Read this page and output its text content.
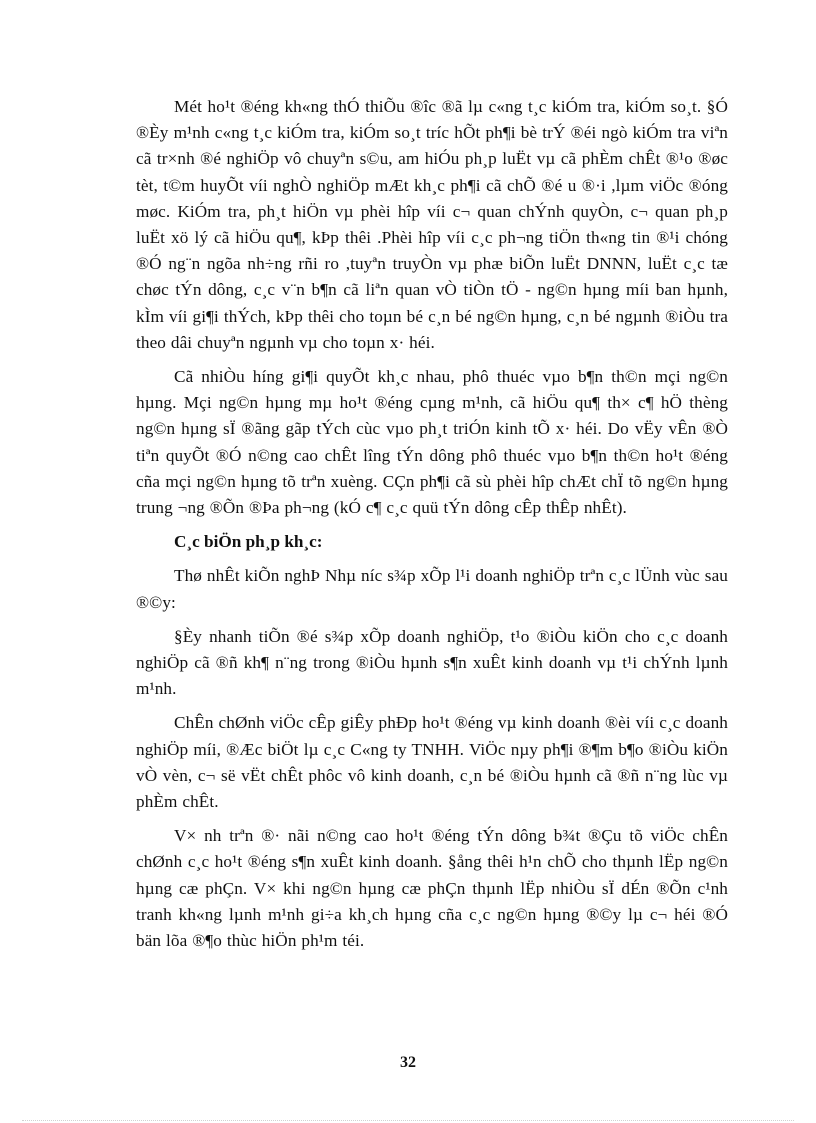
Mét ho¹t ®éng kh«ng thÓ thiÕu ®îc ®ã lµ c«ng t¸c kiÓm tra, kiÓm so¸t. §Ó ®Èy m¹nh c«ng t¸c kiÓm tra, kiÓm so¸t tríc hÕt ph¶i bè trÝ ®éi ngò kiÓm tra viªn cã tr×nh ®é nghiÖp vô chuyªn s©u, am hiÓu ph¸p luËt vµ cã phÈm chÊt ®¹o ®øc tèt, t©m huyÕt víi nghÒ nghiÖp mÆt kh¸c ph¶i cã chÕ ®é u ®·i ,lµm viÖc ®óng møc. KiÓm tra, ph¸t hiÖn vµ phèi hîp víi c¬ quan chÝnh quyÒn, c¬ quan ph¸p luËt xö lý cã hiÖu qu¶, kÞp thêi .Phèi hîp víi c¸c ph¬ng tiÖn th«ng tin ®¹i chóng ®Ó ng¨n ngõa nh÷ng rñi ro ,tuyªn truyÒn vµ phæ biÕn luËt DNNN, luËt c¸c tæ chøc tÝn dông, c¸c v¨n b¶n cã liªn quan vÒ tiÒn tÖ - ng©n hµng míi ban hµnh, kÌm víi gi¶i thÝch, kÞp thêi cho toµn bé c¸n bé ng©n hµng, c¸n bé ngµnh ®iÒu tra theo dâi chuyªn ngµnh vµ cho toµn x· héi.

Cã nhiÒu híng gi¶i quyÕt kh¸c nhau, phô thuéc vµo b¶n th©n mçi ng©n hµng. Mçi ng©n hµng mµ ho¹t ®éng cµng m¹nh, cã hiÖu qu¶ th× c¶ hÖ thèng ng©n hµng sÏ ®ãng gãp tÝch cùc vµo ph¸t triÓn kinh tÕ x· héi. Do vËy vÊn ®Ò tiªn quyÕt ®Ó n©ng cao chÊt lîng tÝn dông phô thuéc vµo b¶n th©n ho¹t ®éng cña mçi ng©n hµng tõ trªn xuèng. CÇn ph¶i cã sù phèi hîp chÆt chÏ tõ ng©n hµng trung ¬ng ®Õn ®Þa ph¬ng (kÓ c¶ c¸c quü tÝn dông cÊp thÊp nhÊt).

C¸c biÖn ph¸p kh¸c:

Thø nhÊt kiÕn nghÞ Nhµ níc s¾p xÕp l¹i doanh nghiÖp trªn c¸c lÜnh vùc sau ®©y:

§Èy nhanh tiÕn ®é s¾p xÕp doanh nghiÖp, t¹o ®iÒu kiÖn cho c¸c doanh nghiÖp cã ®ñ kh¶ n¨ng trong ®iÒu hµnh s¶n xuÊt kinh doanh vµ t¹i chÝnh lµnh m¹nh.

ChÊn chØnh viÖc cÊp giÊy phÐp ho¹t ®éng vµ kinh doanh ®èi víi c¸c doanh nghiÖp míi, ®Æc biÖt lµ c¸c C«ng ty TNHH. ViÖc nµy ph¶i ®¶m b¶o ®iÒu kiÖn vÒ vèn, c¬ së vËt chÊt phôc vô kinh doanh, c¸n bé ®iÒu hµnh cã ®ñ n¨ng lùc vµ phÈm chÊt.

V× nh trªn ®· nãi n©ng cao ho¹t ®éng tÝn dông b¾t ®Çu tõ viÖc chÊn chØnh c¸c ho¹t ®éng s¶n xuÊt kinh doanh. §ång thêi h¹n chÕ cho thµnh lËp ng©n hµng cæ phÇn. V× khi ng©n hµng cæ phÇn thµnh lËp nhiÒu sÏ dÉn ®Õn c¹nh tranh kh«ng lµnh m¹nh gi÷a kh¸ch hµng cña c¸c ng©n hµng ®©y lµ c¬ héi ®Ó bän lõa ®¶o thùc hiÖn ph¹m téi.

32
